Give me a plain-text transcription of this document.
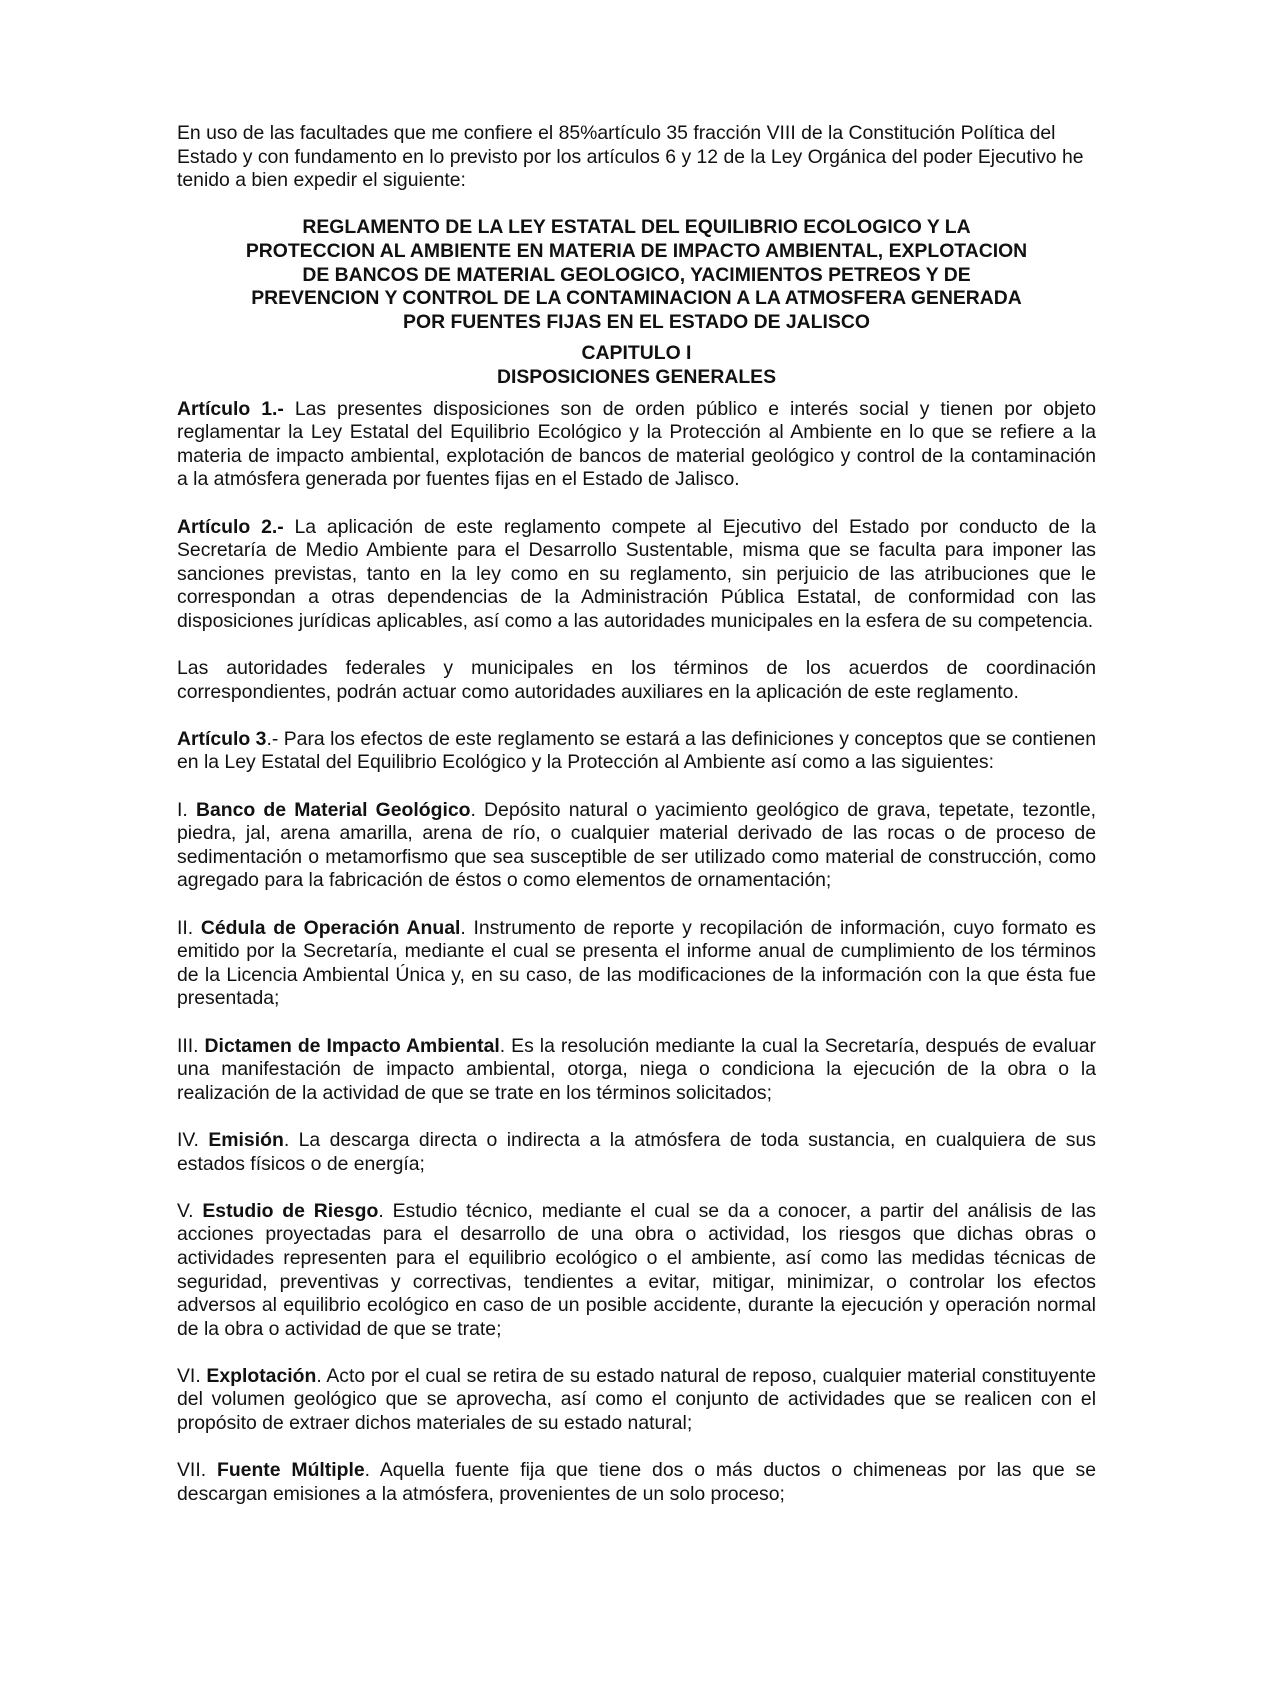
En uso de las facultades que me confiere el 85%artículo 35 fracción VIII de la Constitución Política del Estado y con fundamento en lo previsto por los artículos 6 y 12 de la Ley Orgánica del poder Ejecutivo he tenido a bien expedir el siguiente:

REGLAMENTO DE LA LEY ESTATAL DEL EQUILIBRIO ECOLOGICO Y LA
PROTECCION AL AMBIENTE EN MATERIA DE IMPACTO AMBIENTAL, EXPLOTACION
DE BANCOS DE MATERIAL GEOLOGICO, YACIMIENTOS PETREOS Y DE
PREVENCION Y CONTROL DE LA CONTAMINACION A LA ATMOSFERA GENERADA
POR FUENTES FIJAS EN EL ESTADO DE JALISCO
CAPITULO I
DISPOSICIONES GENERALES

Artículo 1.- Las presentes disposiciones son de orden público e interés social y tienen por objeto reglamentar la Ley Estatal del Equilibrio Ecológico y la Protección al Ambiente en lo que se refiere a la materia de impacto ambiental, explotación de bancos de material geológico y control de la contaminación a la atmósfera generada por fuentes fijas en el Estado de Jalisco.

Artículo 2.- La aplicación de este reglamento compete al Ejecutivo del Estado por conducto de la Secretaría de Medio Ambiente para el Desarrollo Sustentable, misma que se faculta para imponer las sanciones previstas, tanto en la ley como en su reglamento, sin perjuicio de las atribuciones que le correspondan a otras dependencias de la Administración Pública Estatal, de conformidad con las disposiciones jurídicas aplicables, así como a las autoridades municipales en la esfera de su competencia.

Las autoridades federales y municipales en los términos de los acuerdos de coordinación correspondientes, podrán actuar como autoridades auxiliares en la aplicación de este reglamento.

Artículo 3.- Para los efectos de este reglamento se estará a las definiciones y conceptos que se contienen en la Ley Estatal del Equilibrio Ecológico y la Protección al Ambiente así como a las siguientes:

I. Banco de Material Geológico. Depósito natural o yacimiento geológico de grava, tepetate, tezontle, piedra, jal, arena amarilla, arena de río, o cualquier material derivado de las rocas o de proceso de sedimentación o metamorfismo que sea susceptible de ser utilizado como material de construcción, como agregado para la fabricación de éstos o como elementos de ornamentación;

II. Cédula de Operación Anual. Instrumento de reporte y recopilación de información, cuyo formato es emitido por la Secretaría, mediante el cual se presenta el informe anual de cumplimiento de los términos de la Licencia Ambiental Única y, en su caso, de las modificaciones de la información con la que ésta fue presentada;

III. Dictamen de Impacto Ambiental. Es la resolución mediante la cual la Secretaría, después de evaluar una manifestación de impacto ambiental, otorga, niega o condiciona la ejecución de la obra o la realización de la actividad de que se trate en los términos solicitados;

IV. Emisión. La descarga directa o indirecta a la atmósfera de toda sustancia, en cualquiera de sus estados físicos o de energía;

V. Estudio de Riesgo. Estudio técnico, mediante el cual se da a conocer, a partir del análisis de las acciones proyectadas para el desarrollo de una obra o actividad, los riesgos que dichas obras o actividades representen para el equilibrio ecológico o el ambiente, así como las medidas técnicas de seguridad, preventivas y correctivas, tendientes a evitar, mitigar, minimizar, o controlar los efectos adversos al equilibrio ecológico en caso de un posible accidente, durante la ejecución y operación normal de la obra o actividad de que se trate;

VI. Explotación. Acto por el cual se retira de su estado natural de reposo, cualquier material constituyente del volumen geológico que se aprovecha, así como el conjunto de actividades que se realicen con el propósito de extraer dichos materiales de su estado natural;

VII. Fuente Múltiple. Aquella fuente fija que tiene dos o más ductos o chimeneas por las que se descargan emisiones a la atmósfera, provenientes de un solo proceso;
